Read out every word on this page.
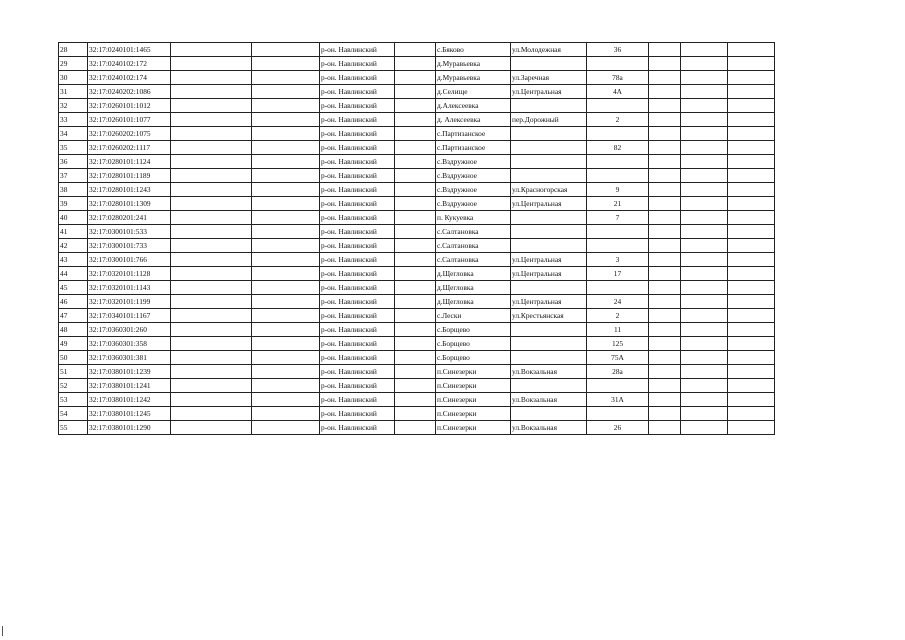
28	32:17:0240101:1465			р-он. Навлинский		с.Бяково	ул.Молодежная	36			
29	32:17:0240102:172			р-он. Навлинский		д.Муравьевка					
30	32:17:0240102:174			р-он. Навлинский		д.Муравьевка	ул.Заречная	78а			
31	32:17:0240202:1086			р-он. Навлинский		д.Селище	ул.Центральная	4А			
32	32:17:0260101:1012			р-он. Навлинский		д.Алексеевка					
33	32:17:0260101:1077			р-он. Навлинский		д. Алексеевка	пер.Дорожный	2			
34	32:17:0260202:1075			р-он. Навлинский		с.Партизанское					
35	32:17:0260202:1117			р-он. Навлинский		с.Партизанское		82			
36	32:17:0280101:1124			р-он. Навлинский		с.Вздружное					
37	32:17:0280101:1189			р-он. Навлинский		с.Вздружное					
38	32:17:0280101:1243			р-он. Навлинский		с.Вздружное	ул.Красногорская	9			
39	32:17:0280101:1309			р-он. Навлинский		с.Вздружное	ул.Центральная	21			
40	32:17:0280201:241			р-он. Навлинский		п. Кукуевка		7			
41	32:17:0300101:533			р-он. Навлинский		с.Салтановка					
42	32:17:0300101:733			р-он. Навлинский		с.Салтановка					
43	32:17:0300101:766			р-он. Навлинский		с.Салтановка	ул.Центральная	3			
44	32:17:0320101:1128			р-он. Навлинский		д.Щегловка	ул.Центральная	17			
45	32:17:0320101:1143			р-он. Навлинский		д.Щегловка					
46	32:17:0320101:1199			р-он. Навлинский		д.Щегловка	ул.Центральная	24			
47	32:17:0340101:1167			р-он. Навлинский		с.Лески	ул.Крестьянская	2			
48	32:17:0360301:260			р-он. Навлинский		с.Борщево		11			
49	32:17:0360301:358			р-он. Навлинский		с.Борщево		125			
50	32:17:0360301:381			р-он. Навлинский		с.Борщево		75А			
51	32:17:0380101:1239			р-он. Навлинский		п.Синезерки	ул.Вокзальная	28а			
52	32:17:0380101:1241			р-он. Навлинский		п.Синезерки					
53	32:17:0380101:1242			р-он. Навлинский		п.Синезерки	ул.Вокзальная	31А			
54	32:17:0380101:1245			р-он. Навлинский		п.Синезерки					
55	32:17:0380101:1290			р-он. Навлинский		п.Синезерки	ул.Вокзальная	26			
